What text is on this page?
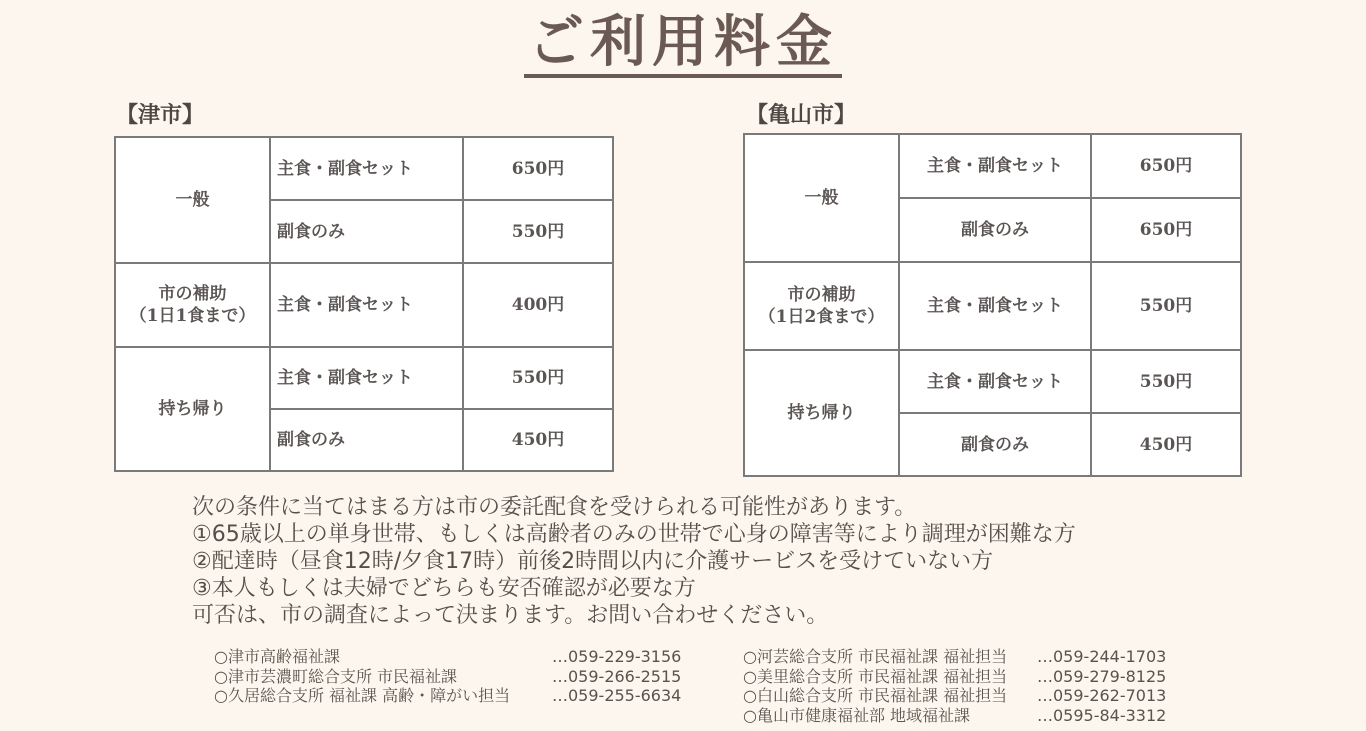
ご利用料金
【津市】
一般	主食・副食セット	650円
	副食のみ	550円

市の補助
（1日1食まで）	主食・副食セット	400円
持ち帰り	主食・副食セット	550円
	副食のみ	450円
【亀山市】
一般	主食・副食セット	650円
	副食のみ	650円

市の補助
（1日2食まで）	主食・副食セット	550円
持ち帰り	主食・副食セット	550円
	副食のみ	450円
次の条件に当てはまる方は市の委託配食を受けられる可能性があります。
①65歳以上の単身世帯、もしくは高齢者のみの世帯で心身の障害等により調理が困難な方
②配達時（昼食12時/夕食17時）前後2時間以内に介護サービスを受けていない方
③本人もしくは夫婦でどちらも安否確認が必要な方
可否は、市の調査によって決まります。お問い合わせください。
○津市高齢福祉課	…059-229-3156
○津市芸濃町総合支所 市民福祉課	…059-266-2515
○久居総合支所 福祉課 高齢・障がい担当	…059-255-6634
○河芸総合支所 市民福祉課 福祉担当	…059-244-1703
○美里総合支所 市民福祉課 福祉担当	…059-279-8125
○白山総合支所 市民福祉課 福祉担当	…059-262-7013
○亀山市健康福祉部 地域福祉課	…0595-84-3312
